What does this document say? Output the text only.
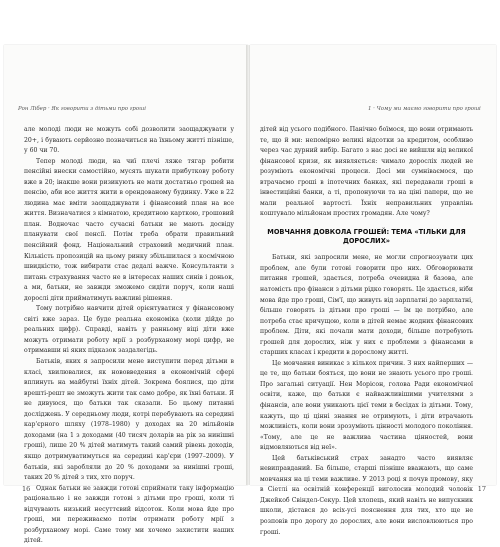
Рон Лібер · Як говорити з дітьми про гроші

але молоді люди не можуть собі дозволити заощаджувати у 20+, і бувають серйозно позначиться на їхньому житті пізніше, у 60 чи 70.

Тепер молоді люди, на чиї плечі ляже тягар робити пенсійні внески самостійно, мусять шукати прибуткову роботу вже в 20; інакше вони ризикують не мати достатньо грошей на пенсію, аби все життя жити в орендованому будинку. Уже в 22 людина має вміти заощаджувати і фінансовий план на все життя. Визначатися з кімнатою, кредитною карткою, грошовий план. Водночас часто сучасні батьки не мають досвіду планувати свої пенсії. Потім треба обрати правильний пенсійний фонд. Національний страховий медичний план. Кількість пропозицій на цьому ринку збільшилася з космічною швидкістю, тож вибирати стає дедалі важче. Консультанти з питань страхування часто не в інтересах наших синів і доньок, а ми, батьки, не завжди зможемо сидіти поруч, коли наші дорослі діти прийматимуть важливі рішення.

Тому потрібно навчити дітей орієнтуватися у фінансовому світі вже зараз. Це буде реальна економіка (коли дійде до реальних цифр). Справді, навіть у ранньому віці діти вже можуть отримати роботу мрії з розбурханому морі цифр, не отримавши ні яких підказок заздалегідь.

Батьків, яких я запросили мене виступити перед дітьми в класі, хвилювалися, як нововведення в економічній сфері вплинуть на майбутні їхніх дітей. Зокрема боялися, що діти врешті-решт не зможуть жити так само добре, як їхні батьки. Я не дивуюся, що батьки так сказали. Бо цьому питанні досліджень. У середньому люди, котрі перебувають на середині кар'єрного шляху (1978–1980) у доходах на 20 мільйонів доходами (на 1 з доходами (40 тисяч доларів на рік за нинішні гроші), лише 20 % дітей матимуть такий самий рівень доходів, якщо дотримуватимуться на середині кар'єри (1997–2009). У батьків, які заробляли до 20 % доходами за нинішні гроші, таких 20 % дітей з тих, хто поруч.

Однак батьки не завжди готові сприймати таку інформацію раціонально і не завжди готові з дітьми про гроші, коли ті відчувають низький несуттєвий відсоток. Коли мова йде про гроші, ми переживаємо потім отримати роботу мрії з розбурханому морі. Саме тому ми хочемо захистити наших дітей.

16
1 · Чому ми маємо говорити про гроші

дітей від усього подібного. Панічно боїмося, що вони отримають те, що й ми: непомірно великі відсотки за кредитом, особливо через час дурний вибір. Багато з нас досі не вийшли від великої фінансової кризи, як виявляється: чимало доросліх людей не розуміють економічні процеси. Досі ми сумніваємося, що втрачаємо гроші в іпотечних банках, які передавали гроші в інвестиційні банки, а ті, пропонуючи та на ціні папери, що не мали реальної вартості. Їхніх неправильних управлінь коштувало мільйонам простих громадян. Але чому?

МОВЧАННЯ ДОВКОЛА ГРОШЕЙ: ТЕМА «ТІЛЬКИ ДЛЯ ДОРОСЛИХ»

Батьки, які запросили мене, не могли спрогнозувати цих проблем, але були готові говорити про них. Обговорювати питання грошей, здається, потреба очевидна й базова, але натомість про фінанси з дітьми рідко говорять. Це здається, ніби мова йде про гроші, Сім'ї, що живуть від зарплатні до зарплатні, більше говорять із дітьми про гроші — їм це потрібно, але потреба стає кричущою, коли в дітей немає жодних фінансових проблем. Діти, які почали мати доходи, більше потребують грошей для дорослих, ніж у них є проблеми з фінансами в старших класах і кредити в дорослому житті.

Це мовчання виникає з кількох причин. З них найперших — це те, що батьки бояться, що вони не знають усього про гроші. Про загальнi ситуації. Нен Морісон, голова Ради економічної освіти, каже, що батьки є найважливішими учителями з фінансів, але вони уникають цієї теми в бесідах із дітьми. Тому, кажуть, що ці цінні знання не отримують, і діти втрачають можливість, коли вони зрозуміють цінності молодого покоління. «Тому, але це не важлива частина цінностей, вони відмовляються від неї».

Цей батьківський страх занадто часто виявляє невиправданий. Ба більше, старші пізніше вважають, що саме мовчання на ці теми важливе. У 2013 році я почув промову, яку в Сіетлі на освітній конференції виголосив молодий чоловік Джейкоб Свіндел-Секур. Цей хлопець, який навіть не випускник школи, дістався до всіх-усі пояснення для тих, хто ще не розповів про дорогу до дорослих, але вони висловлюються про гроші.

17
